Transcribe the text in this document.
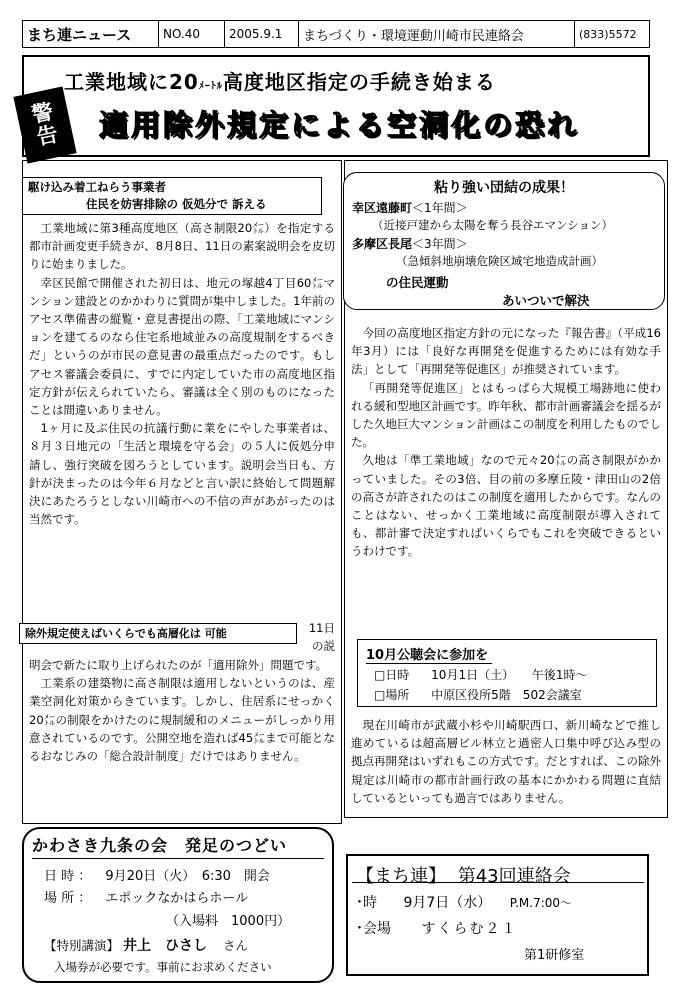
まち連ニュース	NO.40	2005.9.1	まちづくり・環境運動川崎市民連絡会	(833)5572
工業地域に20ﾒｰﾄﾙ高度地区指定の手続き始まる
適用除外規定による空洞化の恐れ
警
告
駆け込み着工ねらう事業者
住民を妨害排除の 仮処分で 訴える

工業地域に第3種高度地区（高さ制限20㍍）を指定する都市計画変更手続きが、8月8日、11日の素案説明会を皮切りに始まりました。

幸区民館で開催された初日は、地元の塚越4丁目60㍍マンション建設とのかかわりに質問が集中しました。1年前のアセス準備書の縦覧・意見書提出の際、「工業地域にマンションを建てるのなら住宅系地域並みの高度規制をするべきだ」というのが市民の意見書の最重点だったのです。もしアセス審議会委員に、すでに内定していた市の高度地区指定方針が伝えられていたら、審議は全く別のものになったことは間違いありません。

1ヶ月に及ぶ住民の抗議行動に業をにやした事業者は、８月３日地元の「生活と環境を守る会」の５人に仮処分申請し、強行突破を図ろうとしています。説明会当日も、方針が決まったのは今年６月などと言い訳に終始して問題解決にあたろうとしない川崎市への不信の声があがったのは当然です。

除外規定使えばいくらでも高層化は 可能	11日の説

明会で新たに取り上げられたのが「適用除外」問題です。

工業系の建築物に高さ制限は適用しないというのは、産業空洞化対策からきています。しかし、住居系にせっかく20㍍の制限をかけたのに規制緩和のメニューがしっかり用意されているのです。公開空地を造れば45㍍まで可能となるおなじみの「総合設計制度」だけではありません。

今回の高度地区指定方針の元になった『報告書』（平成16年3月）には「良好な再開発を促進するためには有効な手法」として「再開発等促進区」が推奨されています。

「再開発等促進区」とはもっぱら大規模工場跡地に使われる緩和型地区計画です。昨年秋、都市計画審議会を揺るがした久地巨大マンション計画はこの制度を利用したものでした。

久地は「準工業地域」なので元々20㍍の高さ制限がかかっていました。その3倍、目の前の多摩丘陵・津田山の2倍の高さが許されたのはこの制度を適用したからです。なんのことはない、せっかく工業地域に高度制限が導入されても、都計審で決定すればいくらでもこれを突破できるというわけです。

現在川崎市が武蔵小杉や川崎駅西口、新川崎などで推し進めているは超高層ビル林立と過密人口集中呼び込み型の拠点再開発はいずれもこの方式です。だとすれば、この除外規定は川崎市の都市計画行政の基本にかかわる問題に直結しているといっても過言ではありません。

粘り強い団結の成果！
幸区遠藤町＜1年間＞
（近接戸建から太陽を奪う長谷エマンション）
多摩区長尾＜3年間＞
（急傾斜地崩壊危険区域宅地造成計画）
の住民運動
あいついで解決
10月公聴会に参加を
□日時 10月1日（土） 午後1時～
□場所 中原区役所5階　502会議室
かわさき九条の会　発足のつどい
日 時 ： 9月20日（火）　6:30　開会
場 所 ： エポックなかはらホール
（入場料　1000円）
【特別講演】 井上　ひさし さん
入場券が必要です。事前にお求めください
【まち連】 第43回連絡会
･時 9月7日（水） P.M.7:00～
･会場 すくらむ２１
第1研修室
